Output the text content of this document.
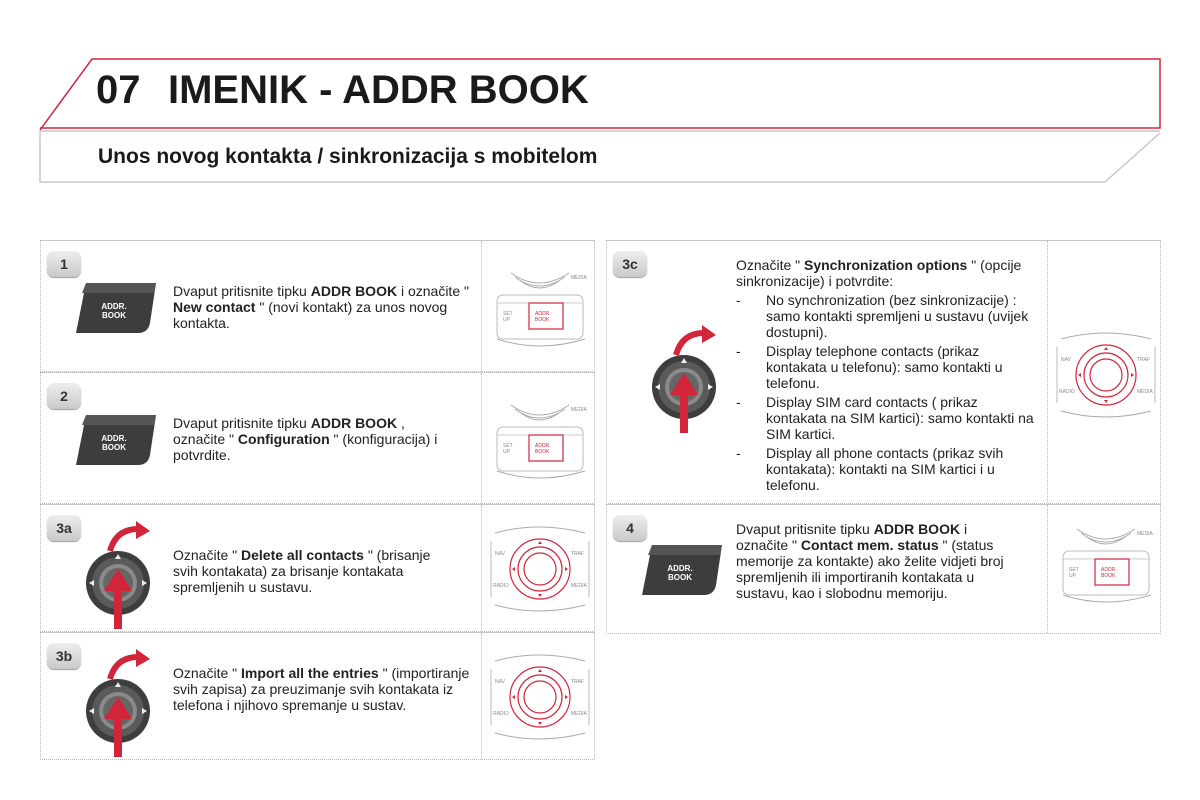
07 IMENIK - ADDR BOOK
Unos novog kontakta / sinkronizacija s mobitelom
1
ADDR.
BOOK
Dvaput pritisnite tipku ADDR BOOK i označite " New contact " (novi kontakt) za unos novog kontakta.
MEDIA
SET
UP
ADDR.
BOOK
2
ADDR.
BOOK
Dvaput pritisnite tipku ADDR BOOK , označite " Configuration " (konfiguracija) i potvrdite.
MEDIA
SET
UP
ADDR.
BOOK
3a
Označite " Delete all contacts " (brisanje svih kontakata) za brisanje kontakata spremljenih u sustavu.
NAV	TRAF
RADIO	MEDIA
3b
Označite " Import all the entries " (importiranje svih zapisa) za preuzimanje svih kontakata iz telefona i njihovo spremanje u sustav.
NAV	TRAF
RADIO	MEDIA
3c	Označite " Synchronization options " (opcije sinkronizacije) i potvrdite:
- No synchronization (bez sinkronizacije) : samo kontakti spremljeni u sustavu (uvijek dostupni).
- Display telephone contacts (prikaz kontakata u telefonu): samo kontakti u telefonu.
- Display SIM card contacts ( prikaz kontakata na SIM kartici): samo kontakti na SIM kartici.
- Display all phone contacts (prikaz svih kontakata): kontakti na SIM kartici i u telefonu.
NAV	TRAF
RADIO	MEDIA
4
ADDR.
BOOK
Dvaput pritisnite tipku ADDR BOOK i označite " Contact mem. status " (status memorije za kontakte) ako želite vidjeti broj spremljenih ili importiranih kontakata u sustavu, kao i slobodnu memoriju.
MEDIA
SET
UP
ADDR.
BOOK
